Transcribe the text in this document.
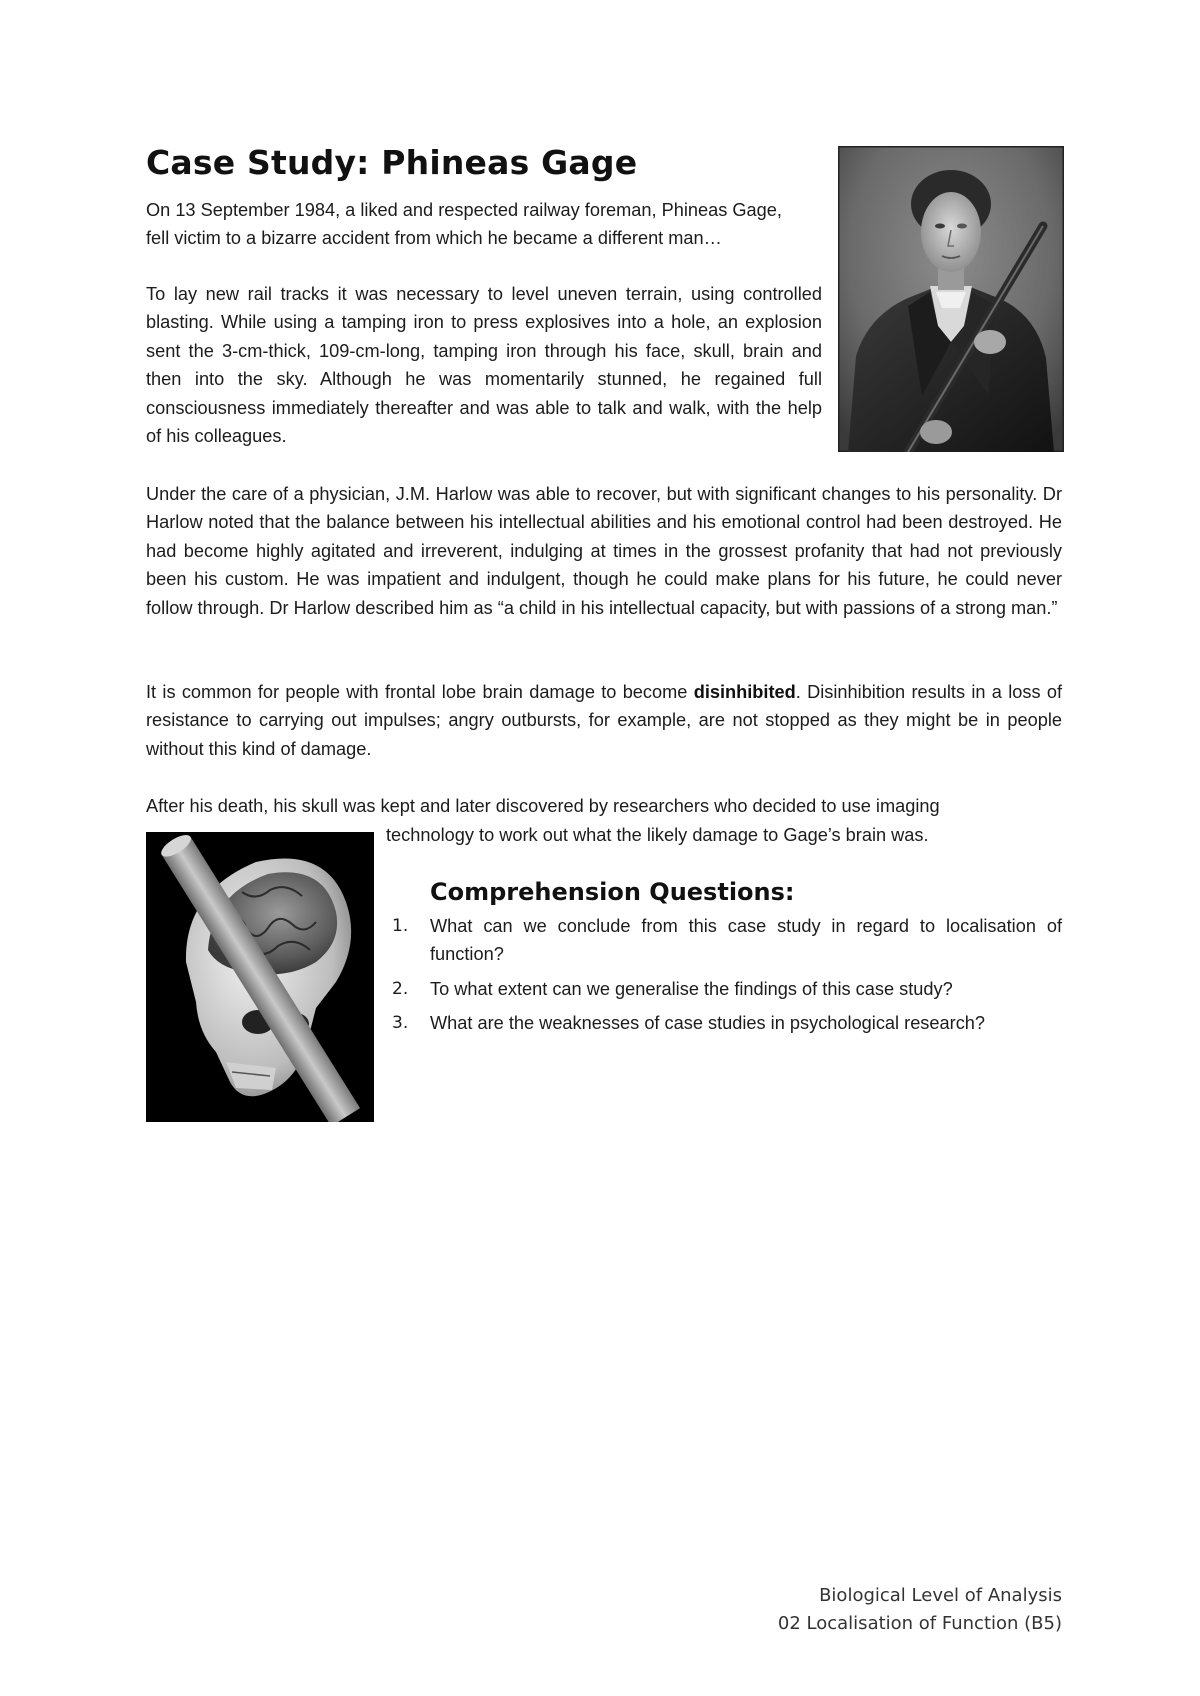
Case Study: Phineas Gage

On 13 September 1984, a liked and respected railway foreman, Phineas Gage,
fell victim to a bizarre accident from which he became a different man…

To lay new rail tracks it was necessary to level uneven terrain, using controlled blasting. While using a tamping iron to press explosives into a hole, an explosion sent the 3-cm-thick, 109-cm-long, tamping iron through his face, skull, brain and then into the sky. Although he was momentarily stunned, he regained full consciousness immediately thereafter and was able to talk and walk, with the help of his colleagues.

Under the care of a physician, J.M. Harlow was able to recover, but with significant changes to his personality. Dr Harlow noted that the balance between his intellectual abilities and his emotional control had been destroyed. He had become highly agitated and irreverent, indulging at times in the grossest profanity that had not previously been his custom. He was impatient and indulgent, though he could make plans for his future, he could never follow through. Dr Harlow described him as “a child in his intellectual capacity, but with passions of a strong man.”

It is common for people with frontal lobe brain damage to become disinhibited. Disinhibition results in a loss of resistance to carrying out impulses; angry outbursts, for example, are not stopped as they might be in people without this kind of damage.

After his death, his skull was kept and later discovered by researchers who decided to use imaging

technology to work out what the likely damage to Gage’s brain was.

Comprehension Questions:
1. What can we conclude from this case study in regard to localisation of function?
2. To what extent can we generalise the findings of this case study?
3. What are the weaknesses of case studies in psychological research?
Biological Level of Analysis
02 Localisation of Function (B5)
